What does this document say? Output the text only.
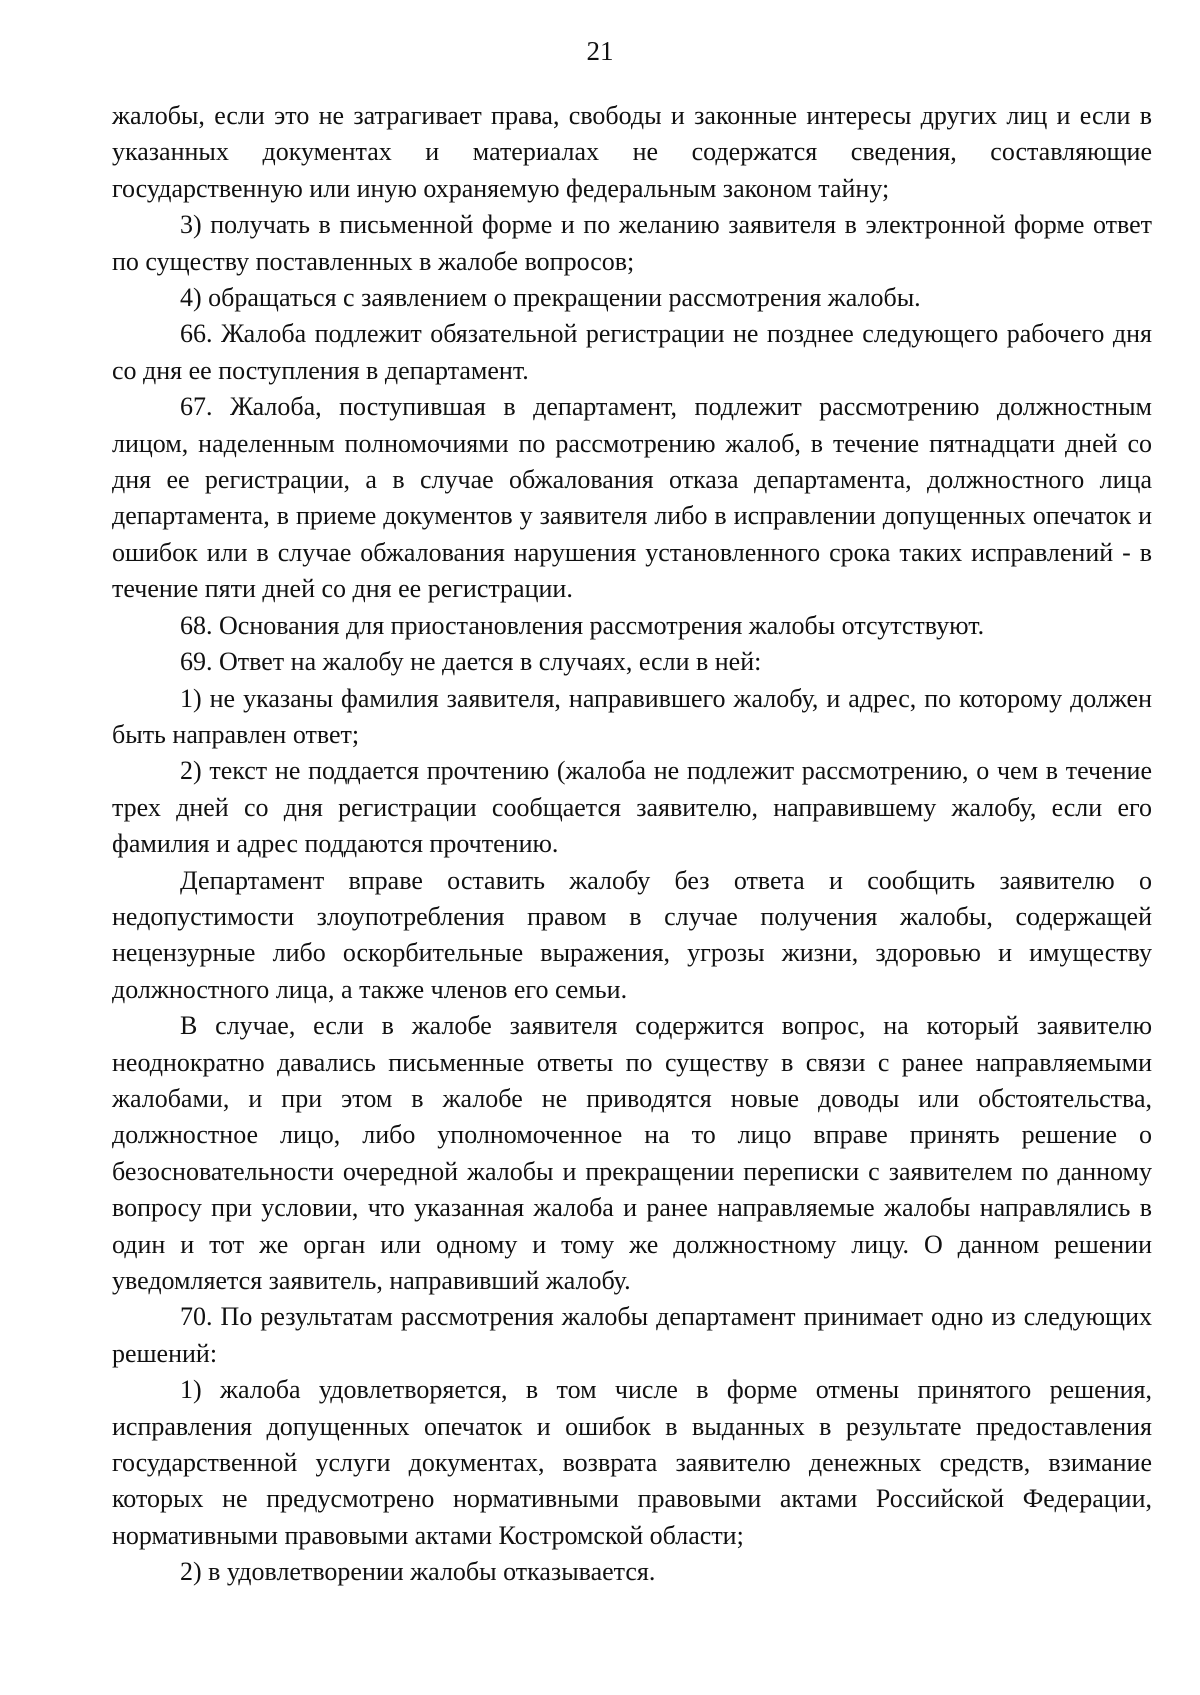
21

жалобы, если это не затрагивает права, свободы и законные интересы других лиц и если в указанных документах и материалах не содержатся сведения, составляющие государственную или иную охраняемую федеральным законом тайну;

3) получать в письменной форме и по желанию заявителя в электронной форме ответ по существу поставленных в жалобе вопросов;

4) обращаться с заявлением о прекращении рассмотрения жалобы.

66. Жалоба подлежит обязательной регистрации не позднее следующего рабочего дня со дня ее поступления в департамент.

67. Жалоба, поступившая в департамент, подлежит рассмотрению должностным лицом, наделенным полномочиями по рассмотрению жалоб, в течение пятнадцати дней со дня ее регистрации, а в случае обжалования отказа департамента, должностного лица департамента, в приеме документов у заявителя либо в исправлении допущенных опечаток и ошибок или в случае обжалования нарушения установленного срока таких исправлений - в течение пяти дней со дня ее регистрации.

68. Основания для приостановления рассмотрения жалобы отсутствуют.

69. Ответ на жалобу не дается в случаях, если в ней:

1) не указаны фамилия заявителя, направившего жалобу, и адрес, по которому должен быть направлен ответ;

2) текст не поддается прочтению (жалоба не подлежит рассмотрению, о чем в течение трех дней со дня регистрации сообщается заявителю, направившему жалобу, если его фамилия и адрес поддаются прочтению.

Департамент вправе оставить жалобу без ответа и сообщить заявителю о недопустимости злоупотребления правом в случае получения жалобы, содержащей нецензурные либо оскорбительные выражения, угрозы жизни, здоровью и имуществу должностного лица, а также членов его семьи.

В случае, если в жалобе заявителя содержится вопрос, на который заявителю неоднократно давались письменные ответы по существу в связи с ранее направляемыми жалобами, и при этом в жалобе не приводятся новые доводы или обстоятельства, должностное лицо, либо уполномоченное на то лицо вправе принять решение о безосновательности очередной жалобы и прекращении переписки с заявителем по данному вопросу при условии, что указанная жалоба и ранее направляемые жалобы направлялись в один и тот же орган или одному и тому же должностному лицу. О данном решении уведомляется заявитель, направивший жалобу.

70. По результатам рассмотрения жалобы департамент принимает одно из следующих решений:

1) жалоба удовлетворяется, в том числе в форме отмены принятого решения, исправления допущенных опечаток и ошибок в выданных в результате предоставления государственной услуги документах, возврата заявителю денежных средств, взимание которых не предусмотрено нормативными правовыми актами Российской Федерации, нормативными правовыми актами Костромской области;

2) в удовлетворении жалобы отказывается.
